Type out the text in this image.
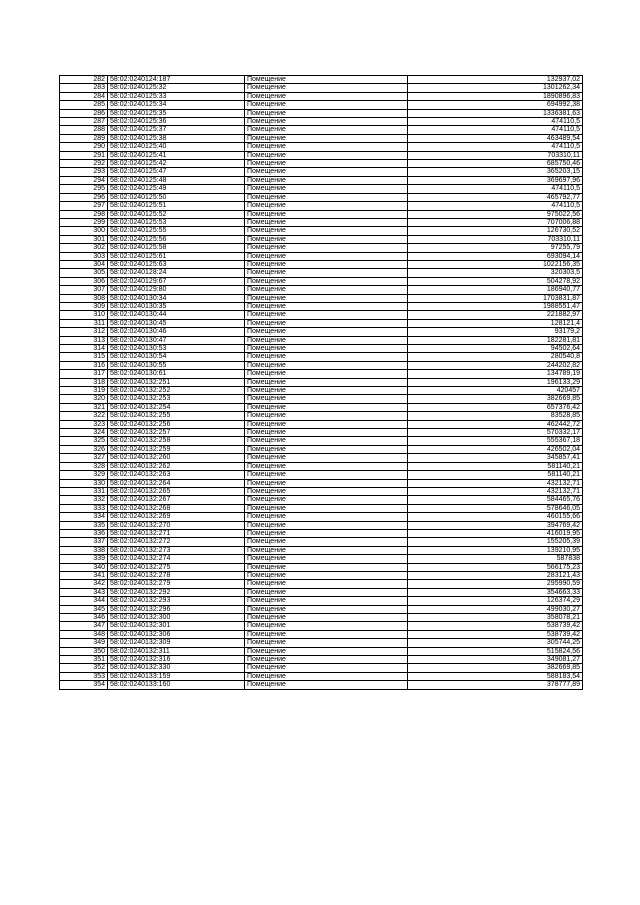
282	58:02:0240124:187	Помещение	132937,02
283	58:02:0240125:32	Помещение	1301262,34
284	58:02:0240125:33	Помещение	1890896,83
285	58:02:0240125:34	Помещение	694992,38
286	58:02:0240125:35	Помещение	1336381,63
287	58:02:0240125:36	Помещение	474110,5
288	58:02:0240125:37	Помещение	474110,5
289	58:02:0240125:38	Помещение	463489,54
290	58:02:0240125:40	Помещение	474110,5
291	58:02:0240125:41	Помещение	703310,11
292	58:02:0240125:42	Помещение	685750,46
293	58:02:0240125:47	Помещение	365203,15
294	58:02:0240125:48	Помещение	369697,96
295	58:02:0240125:49	Помещение	474110,5
296	58:02:0240125:50	Помещение	465792,77
297	58:02:0240125:51	Помещение	474110,5
298	58:02:0240125:52	Помещение	975022,56
299	58:02:0240125:53	Помещение	707006,88
300	58:02:0240125:55	Помещение	126730,52
301	58:02:0240125:56	Помещение	703310,11
302	58:02:0240125:58	Помещение	97255,79
303	58:02:0240125:61	Помещение	693094,14
304	58:02:0240125:63	Помещение	1022156,35
305	58:02:0240128:24	Помещение	320303,5
306	58:02:0240129:67	Помещение	504278,92
307	58:02:0240129:80	Помещение	186940,77
308	58:02:0240130:34	Помещение	1703831,87
309	58:02:0240130:35	Помещение	1988551,47
310	58:02:0240130:44	Помещение	221882,97
311	58:02:0240130:45	Помещение	128121,4
312	58:02:0240130:46	Помещение	93179,2
313	58:02:0240130:47	Помещение	182281,81
314	58:02:0240130:53	Помещение	94502,64
315	58:02:0240130:54	Помещение	280540,8
316	58:02:0240130:55	Помещение	244202,82
317	58:02:0240130:61	Помещение	134789,19
318	58:02:0240132:251	Помещение	196133,29
319	58:02:0240132:252	Помещение	420457
320	58:02:0240132:253	Помещение	382669,85
321	58:02:0240132:254	Помещение	657376,42
322	58:02:0240132:255	Помещение	83528,85
323	58:02:0240132:256	Помещение	462442,72
324	58:02:0240132:257	Помещение	570332,17
325	58:02:0240132:258	Помещение	555367,18
326	58:02:0240132:259	Помещение	426502,04
327	58:02:0240132:260	Помещение	345857,41
328	58:02:0240132:262	Помещение	581140,21
329	58:02:0240132:263	Помещение	581140,21
330	58:02:0240132:264	Помещение	432132,71
331	58:02:0240132:265	Помещение	432132,71
332	58:02:0240132:267	Помещение	584465,76
333	58:02:0240132:268	Помещение	578646,05
334	58:02:0240132:269	Помещение	460155,66
335	58:02:0240132:270	Помещение	394769,42
336	58:02:0240132:271	Помещение	416019,95
337	58:02:0240132:272	Помещение	155205,39
338	58:02:0240132:273	Помещение	139210,95
339	58:02:0240132:274	Помещение	587838
340	58:02:0240132:275	Помещение	566175,23
341	58:02:0240132:278	Помещение	283121,43
342	58:02:0240132:279	Помещение	295990,59
343	58:02:0240132:292	Помещение	354663,33
344	58:02:0240132:293	Помещение	126374,29
345	58:02:0240132:296	Помещение	499030,27
346	58:02:0240132:300	Помещение	358078,21
347	58:02:0240132:301	Помещение	538739,42
348	58:02:0240132:306	Помещение	538739,42
349	58:02:0240132:309	Помещение	305744,25
350	58:02:0240132:311	Помещение	515824,56
351	58:02:0240132:316	Помещение	349081,27
352	58:02:0240132:330	Помещение	382669,85
353	58:02:0240133:159	Помещение	588183,54
354	58:02:0240133:160	Помещение	378777,89
